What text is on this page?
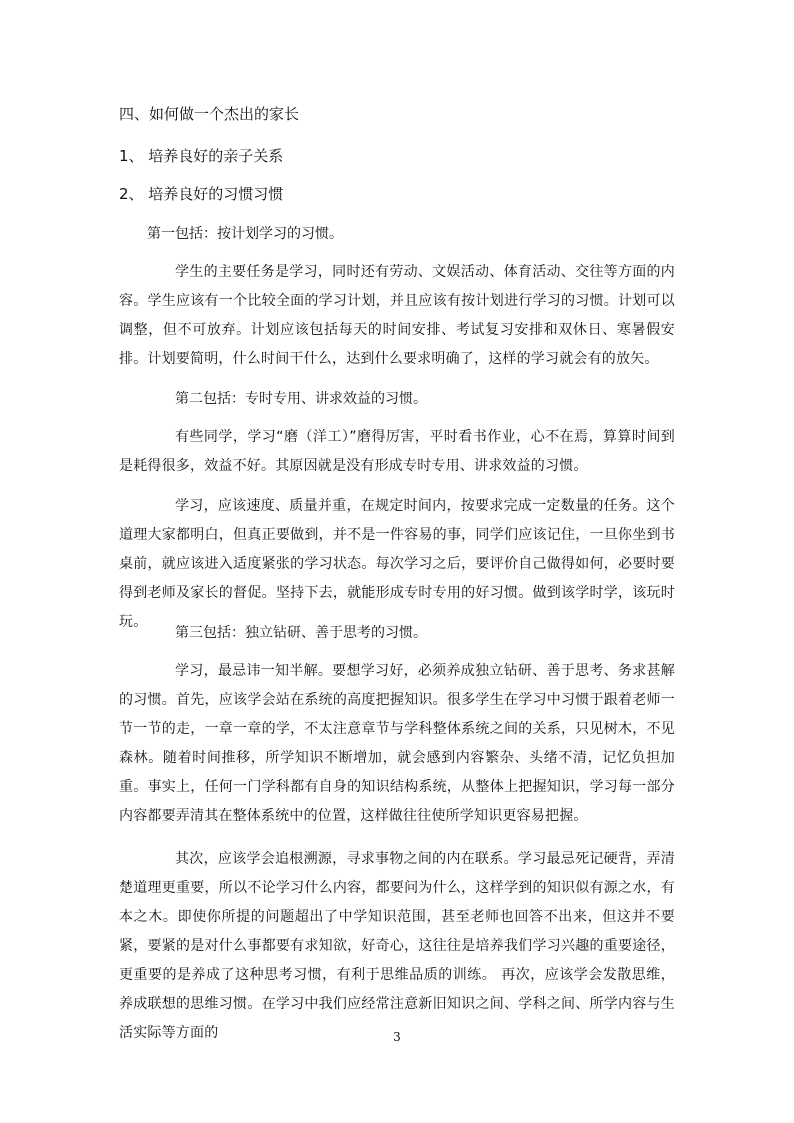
四、如何做一个杰出的家长
1、 培养良好的亲子关系
2、 培养良好的习惯习惯
第一包括：按计划学习的习惯。
学生的主要任务是学习，同时还有劳动、文娱活动、体育活动、交往等方面的内容。学生应该有一个比较全面的学习计划，并且应该有按计划进行学习的习惯。计划可以调整，但不可放弃。计划应该包括每天的时间安排、考试复习安排和双休日、寒暑假安排。计划要简明，什么时间干什么，达到什么要求明确了，这样的学习就会有的放矢。
第二包括：专时专用、讲求效益的习惯。
有些同学，学习“磨（洋工）”磨得厉害，平时看书作业，心不在焉，算算时间到是耗得很多，效益不好。其原因就是没有形成专时专用、讲求效益的习惯。
学习，应该速度、质量并重，在规定时间内，按要求完成一定数量的任务。这个道理大家都明白，但真正要做到，并不是一件容易的事，同学们应该记住，一旦你坐到书桌前，就应该进入适度紧张的学习状态。每次学习之后，要评价自己做得如何，必要时要得到老师及家长的督促。坚持下去，就能形成专时专用的好习惯。做到该学时学，该玩时玩。
第三包括：独立钻研、善于思考的习惯。
学习，最忌讳一知半解。要想学习好，必须养成独立钻研、善于思考、务求甚解的习惯。首先，应该学会站在系统的高度把握知识。很多学生在学习中习惯于跟着老师一节一节的走，一章一章的学，不太注意章节与学科整体系统之间的关系，只见树木，不见森林。随着时间推移，所学知识不断增加，就会感到内容繁杂、头绪不清，记忆负担加重。事实上，任何一门学科都有自身的知识结构系统，从整体上把握知识，学习每一部分内容都要弄清其在整体系统中的位置，这样做往往使所学知识更容易把握。
其次，应该学会追根溯源，寻求事物之间的内在联系。学习最忌死记硬背，弄清楚道理更重要，所以不论学习什么内容，都要问为什么，这样学到的知识似有源之水，有本之木。即使你所提的问题超出了中学知识范围，甚至老师也回答不出来，但这并不要紧，要紧的是对什么事都要有求知欲，好奇心，这往往是培养我们学习兴趣的重要途径，更重要的是养成了这种思考习惯，有利于思维品质的训练。 再次，应该学会发散思维，养成联想的思维习惯。在学习中我们应经常注意新旧知识之间、学科之间、所学内容与生活实际等方面的	3
